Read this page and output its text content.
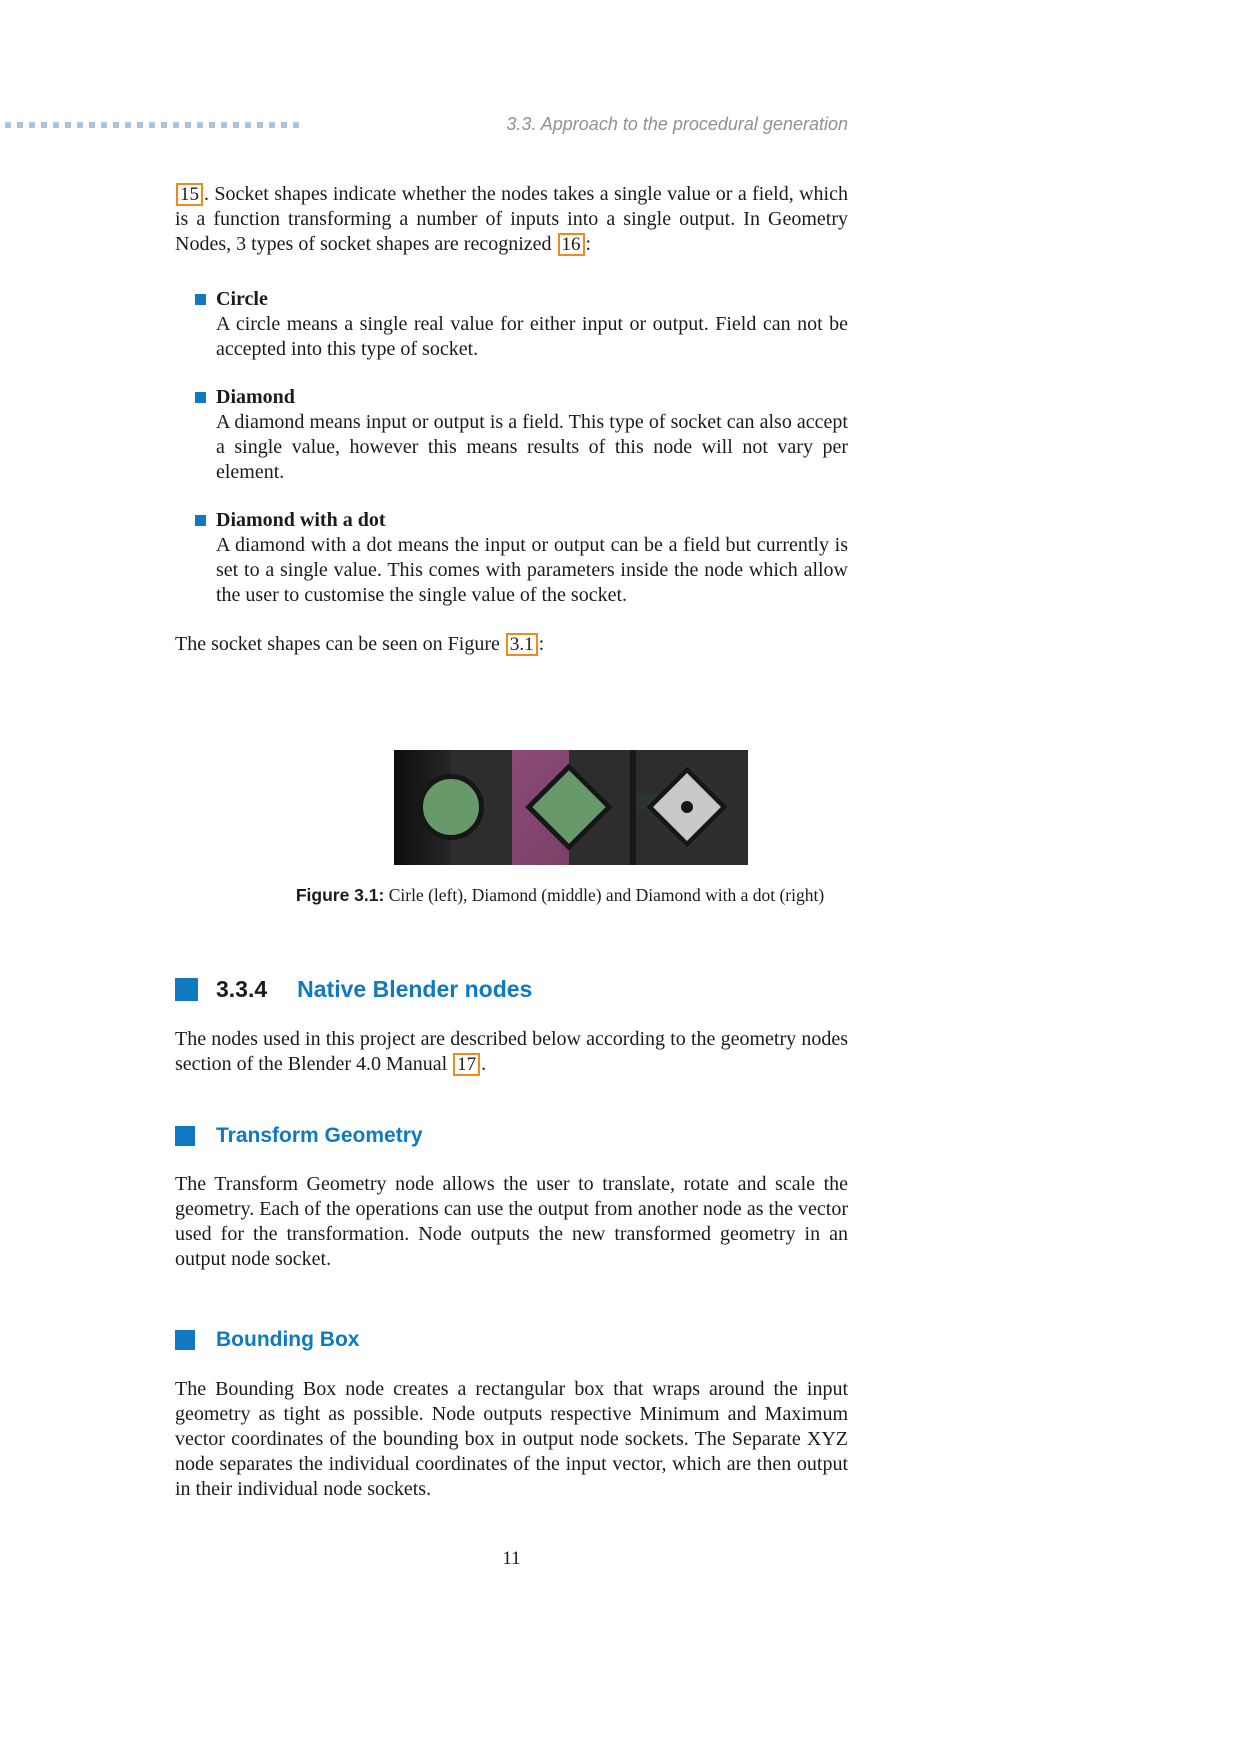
3.3. Approach to the procedural generation
15 . Socket shapes indicate whether the nodes takes a single value or a field, which is a function transforming a number of inputs into a single output. In Geometry Nodes, 3 types of socket shapes are recognized 16 :
Circle
A circle means a single real value for either input or output. Field can not be accepted into this type of socket.
Diamond
A diamond means input or output is a field. This type of socket can also accept a single value, however this means results of this node will not vary per element.
Diamond with a dot
A diamond with a dot means the input or output can be a field but currently is set to a single value. This comes with parameters inside the node which allow the user to customise the single value of the socket.
The socket shapes can be seen on Figure 3.1 :
Figure 3.1: Cirle (left), Diamond (middle) and Diamond with a dot (right)
3.3.4 Native Blender nodes
The nodes used in this project are described below according to the geometry nodes section of the Blender 4.0 Manual 17 .
Transform Geometry
The Transform Geometry node allows the user to translate, rotate and scale the geometry. Each of the operations can use the output from another node as the vector used for the transformation. Node outputs the new transformed geometry in an output node socket.
Bounding Box
The Bounding Box node creates a rectangular box that wraps around the input geometry as tight as possible. Node outputs respective Minimum and Maximum vector coordinates of the bounding box in output node sockets. The Separate XYZ node separates the individual coordinates of the input vector, which are then output in their individual node sockets.
11
